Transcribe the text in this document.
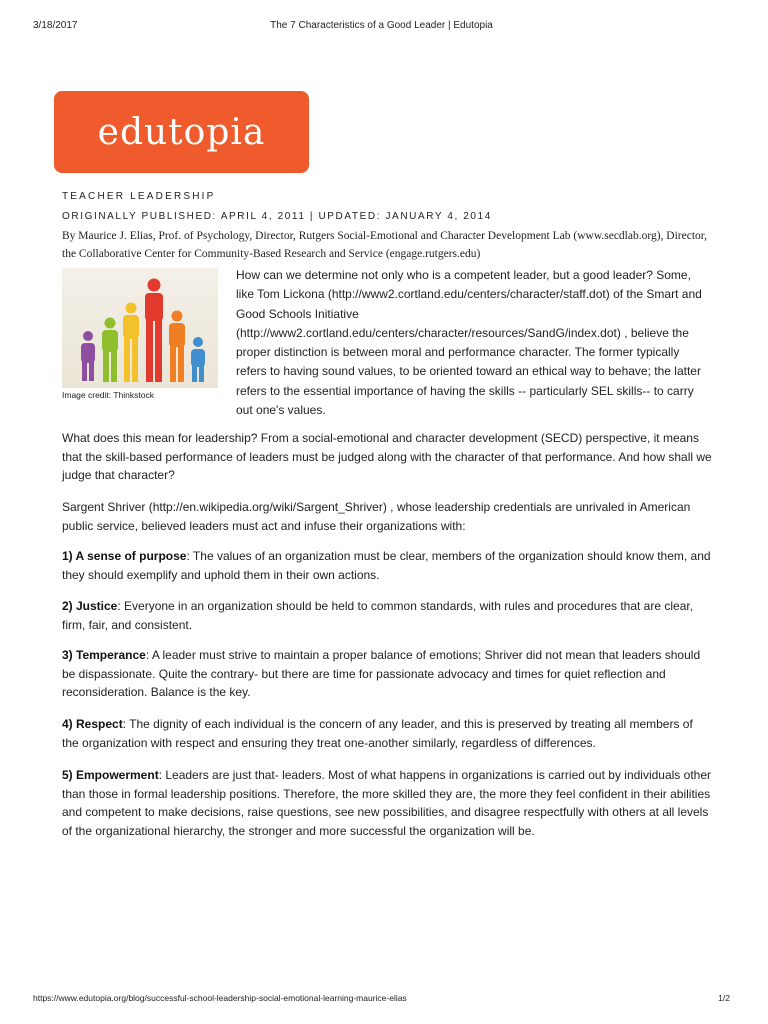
3/18/2017	The 7 Characteristics of a Good Leader | Edutopia
edutopia
TEACHER LEADERSHIP
ORIGINALLY PUBLISHED: APRIL 4, 2011 | UPDATED: JANUARY 4, 2014
By Maurice J. Elias, Prof. of Psychology, Director, Rutgers Social-Emotional and Character Development Lab (www.secdlab.org), Director, the Collaborative Center for Community-Based Research and Service (engage.rutgers.edu)
Image credit: Thinkstock
How can we determine not only who is a competent leader, but a good leader? Some, like Tom Lickona (http://www2.cortland.edu/centers/character/staff.dot) of the Smart and Good Schools Initiative (http://www2.cortland.edu/centers/character/resources/SandG/index.dot) , believe the proper distinction is between moral and performance character. The former typically refers to having sound values, to be oriented toward an ethical way to behave; the latter refers to the essential importance of having the skills -- particularly SEL skills-- to carry out one's values.
What does this mean for leadership? From a social-emotional and character development (SECD) perspective, it means that the skill-based performance of leaders must be judged along with the character of that performance. And how shall we judge that character?
Sargent Shriver (http://en.wikipedia.org/wiki/Sargent_Shriver) , whose leadership credentials are unrivaled in American public service, believed leaders must act and infuse their organizations with:
1) A sense of purpose: The values of an organization must be clear, members of the organization should know them, and they should exemplify and uphold them in their own actions.
2) Justice: Everyone in an organization should be held to common standards, with rules and procedures that are clear, firm, fair, and consistent.
3) Temperance: A leader must strive to maintain a proper balance of emotions; Shriver did not mean that leaders should be dispassionate. Quite the contrary- but there are time for passionate advocacy and times for quiet reflection and reconsideration. Balance is the key.
4) Respect: The dignity of each individual is the concern of any leader, and this is preserved by treating all members of the organization with respect and ensuring they treat one-another similarly, regardless of differences.
5) Empowerment: Leaders are just that- leaders. Most of what happens in organizations is carried out by individuals other than those in formal leadership positions. Therefore, the more skilled they are, the more they feel confident in their abilities and competent to make decisions, raise questions, see new possibilities, and disagree respectfully with others at all levels of the organizational hierarchy, the stronger and more successful the organization will be.
https://www.edutopia.org/blog/successful-school-leadership-social-emotional-learning-maurice-elias	1/2
